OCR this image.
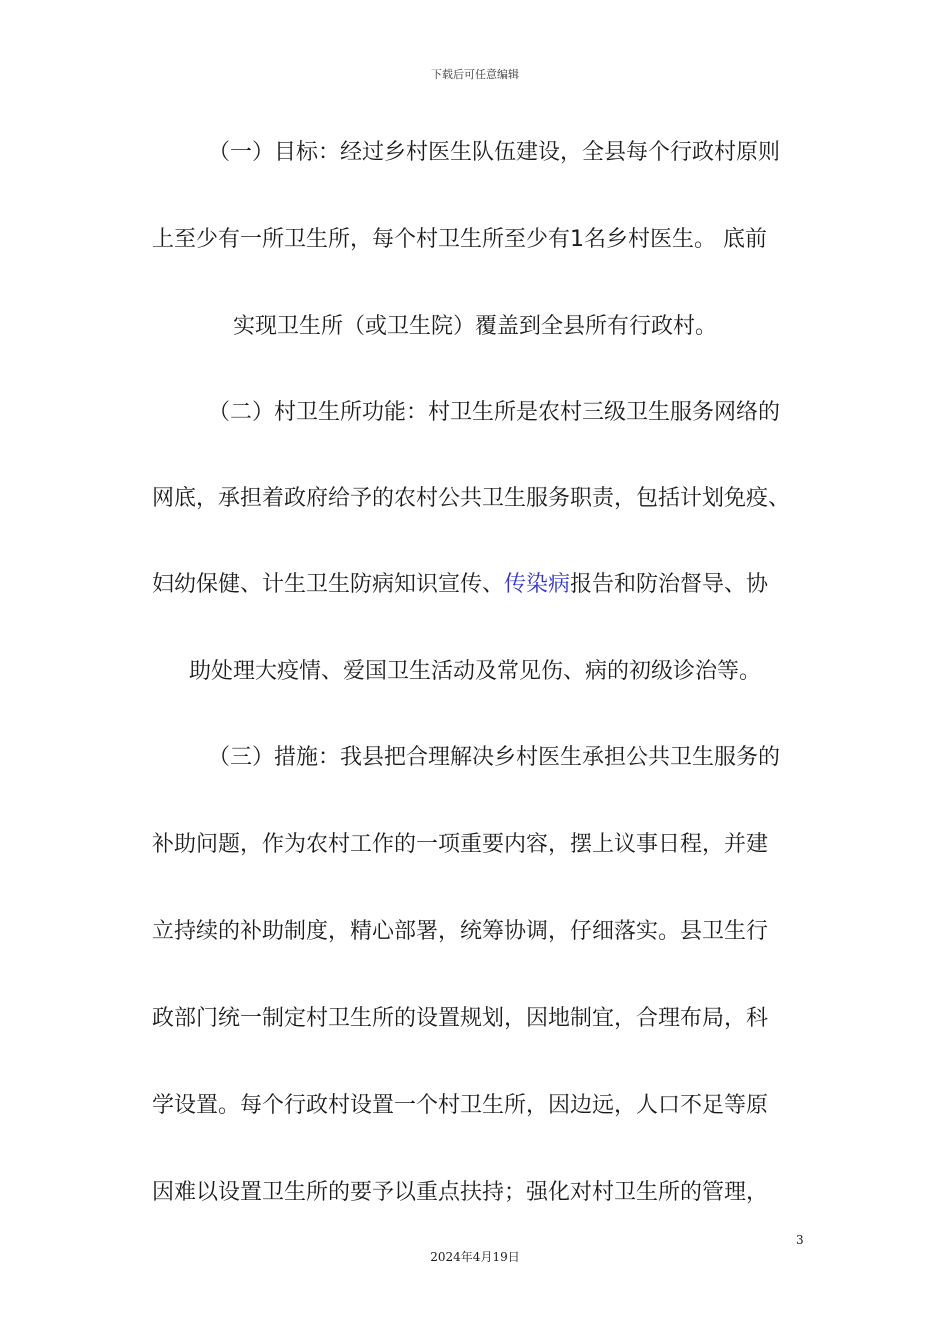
下载后可任意编辑
（一）目标：经过乡村医生队伍建设，全县每个行政村原则
上至少有一所卫生所，每个村卫生所至少有1名乡村医生。 底前
实现卫生所（或卫生院）覆盖到全县所有行政村。
（二）村卫生所功能：村卫生所是农村三级卫生服务网络的
网底，承担着政府给予的农村公共卫生服务职责，包括计划免疫、
妇幼保健、计生卫生防病知识宣传、传染病报告和防治督导、协
助处理大疫情、爱国卫生活动及常见伤、病的初级诊治等。
（三）措施：我县把合理解决乡村医生承担公共卫生服务的
补助问题，作为农村工作的一项重要内容，摆上议事日程，并建
立持续的补助制度，精心部署，统筹协调，仔细落实。县卫生行
政部门统一制定村卫生所的设置规划，因地制宜，合理布局，科
学设置。每个行政村设置一个村卫生所，因边远，人口不足等原
因难以设置卫生所的要予以重点扶持；强化对村卫生所的管理，
3
2024年4月19日
